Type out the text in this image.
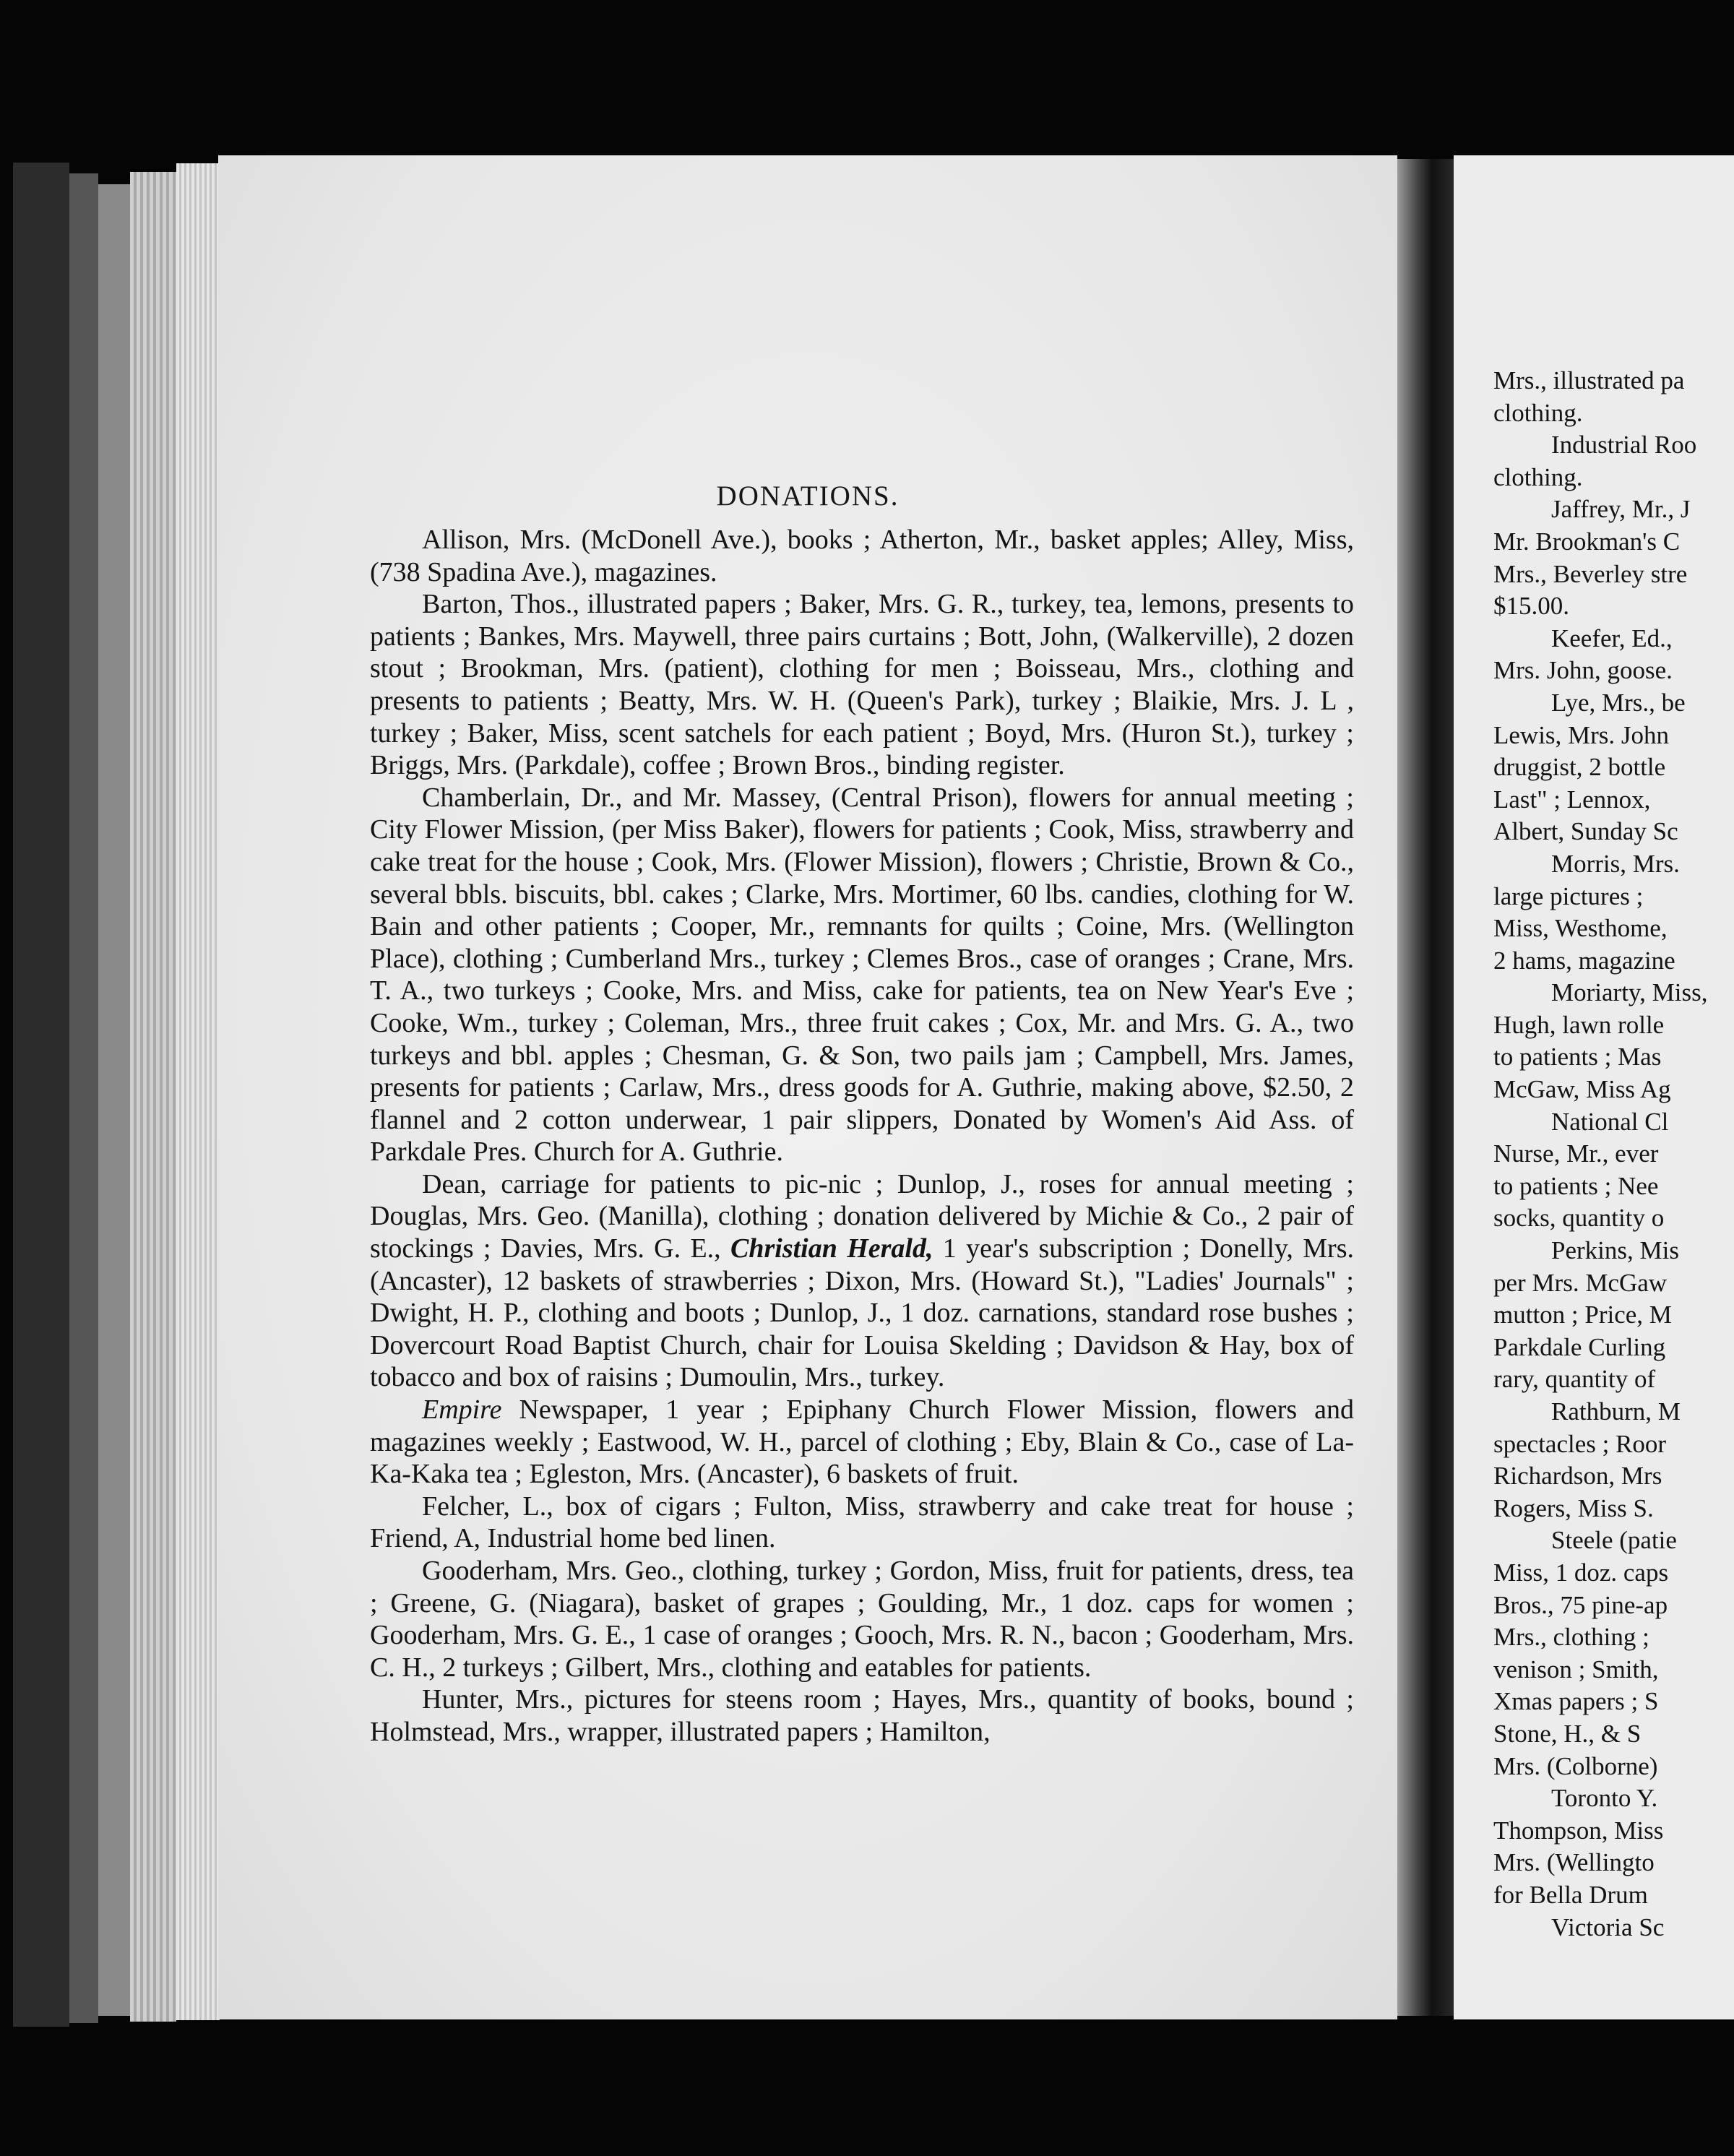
DONATIONS.

Allison, Mrs. (McDonell Ave.), books ; Atherton, Mr., basket apples; Alley, Miss, (738 Spadina Ave.), magazines.

Barton, Thos., illustrated papers ; Baker, Mrs. G. R., turkey, tea, lemons, presents to patients ; Bankes, Mrs. Maywell, three pairs curtains ; Bott, John, (Walkerville), 2 dozen stout ; Brookman, Mrs. (patient), clothing for men ; Boisseau, Mrs., clothing and presents to patients ; Beatty, Mrs. W. H. (Queen's Park), turkey ; Blaikie, Mrs. J. L , turkey ; Baker, Miss, scent satchels for each patient ; Boyd, Mrs. (Huron St.), turkey ; Briggs, Mrs. (Parkdale), coffee ; Brown Bros., binding register.

Chamberlain, Dr., and Mr. Massey, (Central Prison), flowers for annual meeting ; City Flower Mission, (per Miss Baker), flowers for patients ; Cook, Miss, strawberry and cake treat for the house ; Cook, Mrs. (Flower Mission), flowers ; Christie, Brown & Co., several bbls. biscuits, bbl. cakes ; Clarke, Mrs. Mortimer, 60 lbs. candies, clothing for W. Bain and other patients ; Cooper, Mr., remnants for quilts ; Coine, Mrs. (Wellington Place), clothing ; Cumberland Mrs., turkey ; Clemes Bros., case of oranges ; Crane, Mrs. T. A., two turkeys ; Cooke, Mrs. and Miss, cake for patients, tea on New Year's Eve ; Cooke, Wm., turkey ; Coleman, Mrs., three fruit cakes ; Cox, Mr. and Mrs. G. A., two turkeys and bbl. apples ; Chesman, G. & Son, two pails jam ; Campbell, Mrs. James, presents for patients ; Carlaw, Mrs., dress goods for A. Guthrie, making above, $2.50, 2 flannel and 2 cotton underwear, 1 pair slippers, Donated by Women's Aid Ass. of Parkdale Pres. Church for A. Guthrie.

Dean, carriage for patients to pic-nic ; Dunlop, J., roses for annual meeting ; Douglas, Mrs. Geo. (Manilla), clothing ; donation delivered by Michie & Co., 2 pair of stockings ; Davies, Mrs. G. E., Christian Herald, 1 year's subscription ; Donelly, Mrs. (Ancaster), 12 baskets of strawberries ; Dixon, Mrs. (Howard St.), "Ladies' Journals" ; Dwight, H. P., clothing and boots ; Dunlop, J., 1 doz. carnations, standard rose bushes ; Dovercourt Road Baptist Church, chair for Louisa Skelding ; Davidson & Hay, box of tobacco and box of raisins ; Dumoulin, Mrs., turkey.

Empire Newspaper, 1 year ; Epiphany Church Flower Mission, flowers and magazines weekly ; Eastwood, W. H., parcel of clothing ; Eby, Blain & Co., case of La-Ka-Kaka tea ; Egleston, Mrs. (Ancaster), 6 baskets of fruit.

Felcher, L., box of cigars ; Fulton, Miss, strawberry and cake treat for house ; Friend, A, Industrial home bed linen.

Gooderham, Mrs. Geo., clothing, turkey ; Gordon, Miss, fruit for patients, dress, tea ; Greene, G. (Niagara), basket of grapes ; Goulding, Mr., 1 doz. caps for women ; Gooderham, Mrs. G. E., 1 case of oranges ; Gooch, Mrs. R. N., bacon ; Gooderham, Mrs. C. H., 2 turkeys ; Gilbert, Mrs., clothing and eatables for patients.

Hunter, Mrs., pictures for steens room ; Hayes, Mrs., quantity of books, bound ; Holmstead, Mrs., wrapper, illustrated papers ; Hamilton,

Mrs., illustrated pa
clothing.
Industrial Roo
clothing.
Jaffrey, Mr., J
Mr. Brookman's C
Mrs., Beverley stre
$15.00.
Keefer, Ed.,
Mrs. John, goose.
Lye, Mrs., be
Lewis, Mrs. John
druggist, 2 bottle
Last" ; Lennox,
Albert, Sunday Sc
Morris, Mrs.
large pictures ;
Miss, Westhome,
2 hams, magazine
Moriarty, Miss,
Hugh, lawn rolle
to patients ; Mas
McGaw, Miss Ag
National Cl
Nurse, Mr., ever
to patients ; Nee
socks, quantity o
Perkins, Mis
per Mrs. McGaw
mutton ; Price, M
Parkdale Curling
rary, quantity of
Rathburn, M
spectacles ; Roor
Richardson, Mrs
Rogers, Miss S.
Steele (patie
Miss, 1 doz. caps
Bros., 75 pine-ap
Mrs., clothing ;
venison ; Smith,
Xmas papers ; S
Stone, H., & S
Mrs. (Colborne)
Toronto Y.
Thompson, Miss
Mrs. (Wellingto
for Bella Drum
Victoria Sc
